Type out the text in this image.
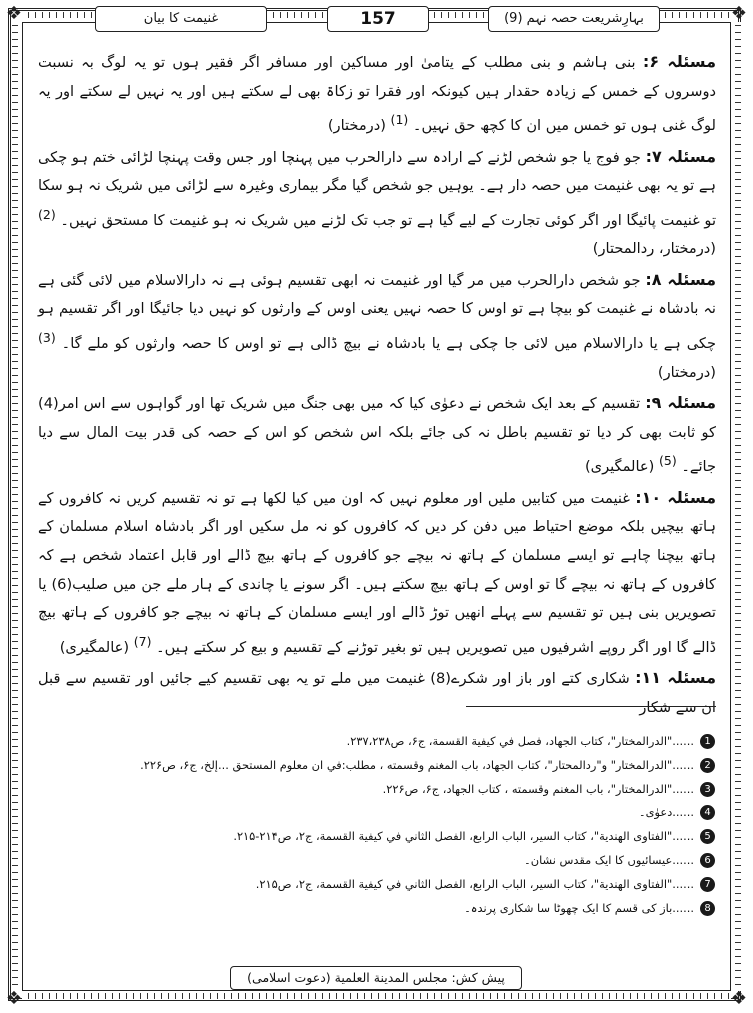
❖	❖
❖	❖
غنیمت کا بیان	157	بہارِشریعت حصہ نہم (9)

مسئلہ ۶: بنی ہاشم و بنی مطلب کے یتامیٰ اور مساکین اور مسافر اگر فقیر ہوں تو یہ لوگ بہ نسبت دوسروں کے خمس کے زیادہ حقدار ہیں کیونکہ اور فقرا تو زکاۃ بھی لے سکتے ہیں اور یہ نہیں لے سکتے اور یہ لوگ غنی ہوں تو خمس میں ان کا کچھ حق نہیں۔ $^{(1)}$ (درمختار)

مسئلہ ۷: جو فوج یا جو شخص لڑنے کے ارادہ سے دارالحرب میں پہنچا اور جس وقت پہنچا لڑائی ختم ہو چکی ہے تو یہ بھی غنیمت میں حصہ دار ہے۔ یوہیں جو شخص گیا مگر بیماری وغیرہ سے لڑائی میں شریک نہ ہو سکا تو غنیمت پائیگا اور اگر کوئی تجارت کے لیے گیا ہے تو جب تک لڑنے میں شریک نہ ہو غنیمت کا مستحق نہیں۔ $^{(2)}$ (درمختار، ردالمحتار)

مسئلہ ۸: جو شخص دارالحرب میں مر گیا اور غنیمت نہ ابھی تقسیم ہوئی ہے نہ دارالاسلام میں لائی گئی ہے نہ بادشاہ نے غنیمت کو بیچا ہے تو اوس کا حصہ نہیں یعنی اوس کے وارثوں کو نہیں دیا جائیگا اور اگر تقسیم ہو چکی ہے یا دارالاسلام میں لائی جا چکی ہے یا بادشاہ نے بیچ ڈالی ہے تو اوس کا حصہ وارثوں کو ملے گا۔ $^{(3)}$ (درمختار)

مسئلہ ۹: تقسیم کے بعد ایک شخص نے دعوٰی کیا کہ میں بھی جنگ میں شریک تھا اور گواہوں سے اس امر(4) کو ثابت بھی کر دیا تو تقسیم باطل نہ کی جائے بلکہ اس شخص کو اس کے حصہ کی قدر بیت المال سے دیا جائے۔ $^{(5)}$ (عالمگیری)

مسئلہ ۱۰: غنیمت میں کتابیں ملیں اور معلوم نہیں کہ اون میں کیا لکھا ہے تو نہ تقسیم کریں نہ کافروں کے ہاتھ بیچیں بلکہ موضع احتیاط میں دفن کر دیں کہ کافروں کو نہ مل سکیں اور اگر بادشاہ اسلام مسلمان کے ہاتھ بیچنا چاہے تو ایسے مسلمان کے ہاتھ نہ بیچے جو کافروں کے ہاتھ بیچ ڈالے اور قابل اعتماد شخص ہے کہ کافروں کے ہاتھ نہ بیچے گا تو اوس کے ہاتھ بیچ سکتے ہیں۔ اگر سونے یا چاندی کے ہار ملے جن میں صلیب(6) یا تصویریں بنی ہیں تو تقسیم سے پہلے انھیں توڑ ڈالے اور ایسے مسلمان کے ہاتھ نہ بیچے جو کافروں کے ہاتھ بیچ ڈالے گا اور اگر روپے اشرفیوں میں تصویریں ہیں تو بغیر توڑنے کے تقسیم و بیع کر سکتے ہیں۔ $^{(7)}$ (عالمگیری)

مسئلہ ۱۱: شکاری کتے اور باز اور شکرے(8) غنیمت میں ملے تو یہ بھی تقسیم کیے جائیں اور تقسیم سے قبل ان سے شکار

1
......"الدرالمختار"، کتاب الجهاد، فصل في كيفية القسمة، ج۶، ص۲۳۷،۲۳۸.
2
......"الدرالمختار" و"ردالمحتار"، کتاب الجهاد، باب المغنم وقسمته ، مطلب:في ان معلوم المستحق ...إلخ، ج۶، ص۲۲۶.
3
......"الدرالمختار"، باب المغنم وقسمته ، کتاب الجهاد، ج۶، ص۲۲۶.
4
......دعوٰی۔
5
......"الفتاوى الهندية"، كتاب السير، الباب الرابع، الفصل الثاني في كيفية القسمة، ج۲، ص۲۱۴-۲۱۵.
6
......عیسائیوں کا ایک مقدس نشان۔
7
......"الفتاوى الهندية"، كتاب السير، الباب الرابع، الفصل الثاني في كيفية القسمة، ج۲، ص۲۱۵.
8
......باز کی قسم کا ایک چھوٹا سا شکاری پرندہ۔
پیش کش: مجلس المدينة العلمية (دعوت اسلامی)
